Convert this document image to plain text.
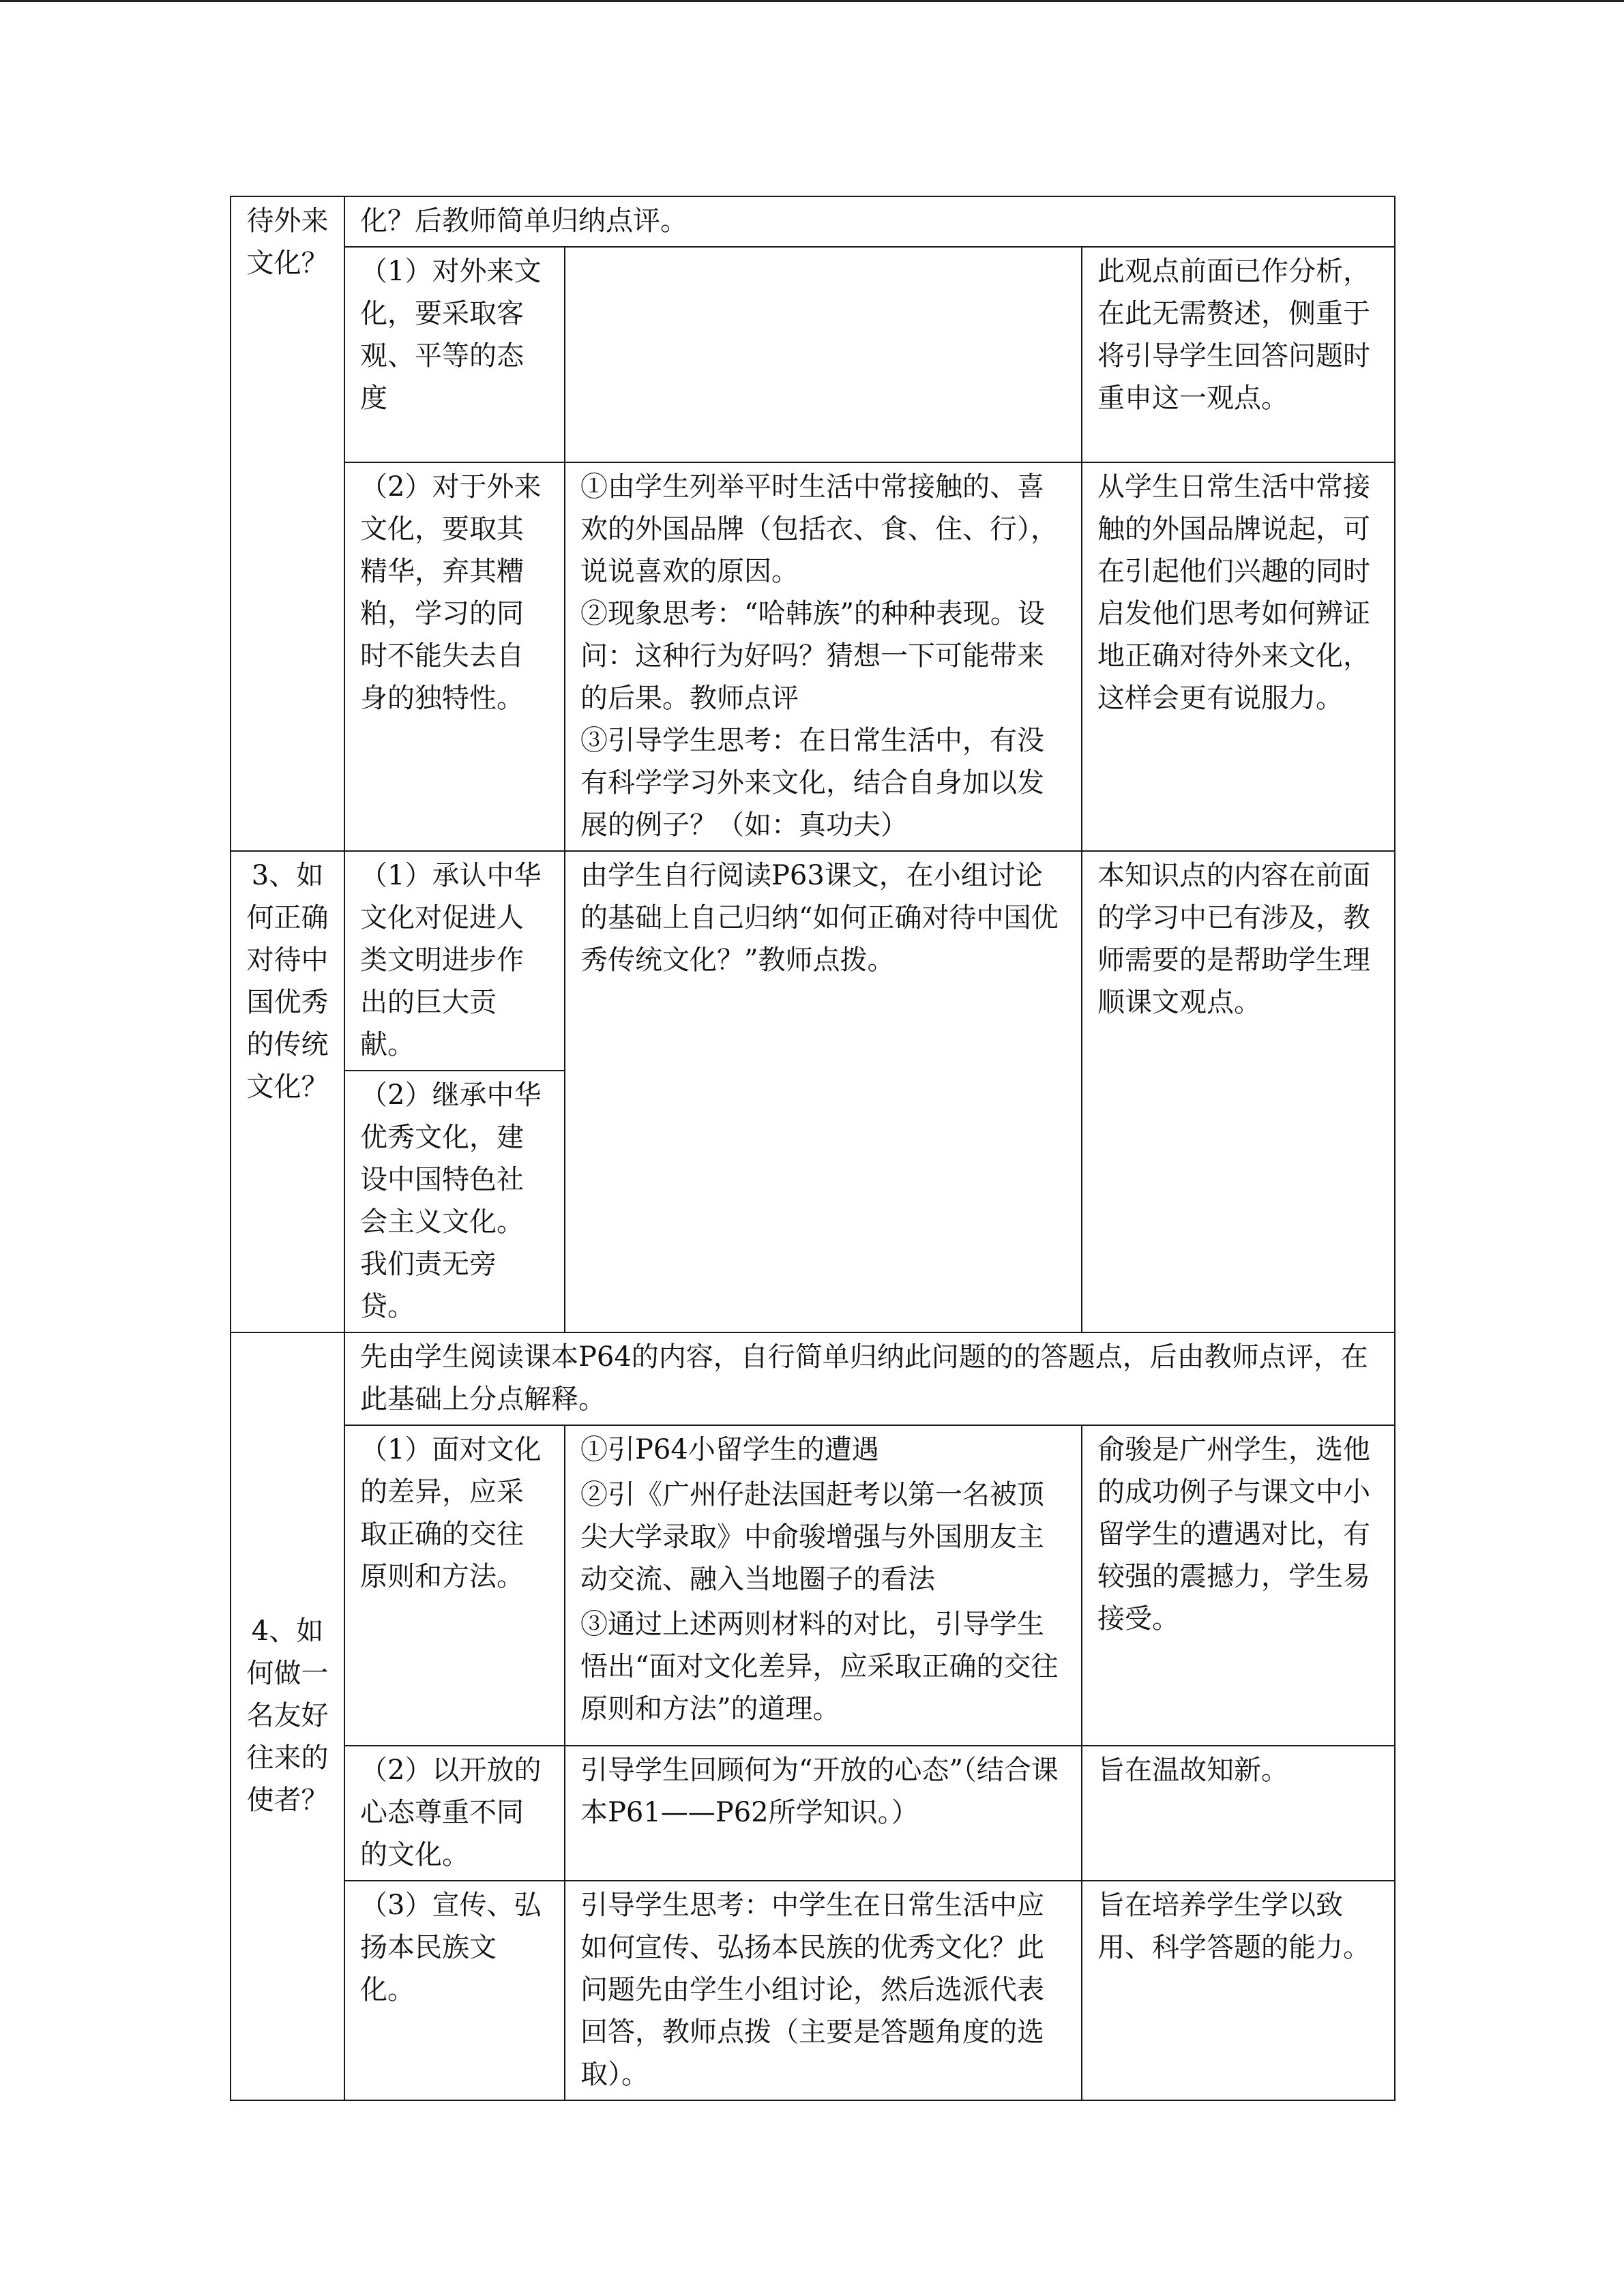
待外来文化？	化？后教师简单归纳点评。		
	（1）对外来文化，要采取客观、平等的态度		此观点前面已作分析，在此无需赘述，侧重于将引导学生回答问题时重申这一观点。
	（2）对于外来文化，要取其精华，弃其糟粕，学习的同时不能失去自身的独特性。	①由学生列举平时生活中常接触的、喜欢的外国品牌（包括衣、食、住、行），说说喜欢的原因。
②现象思考：“哈韩族”的种种表现。设问：这种行为好吗？猜想一下可能带来的后果。教师点评
③引导学生思考：在日常生活中，有没有科学学习外来文化，结合自身加以发展的例子？（如：真功夫）	从学生日常生活中常接触的外国品牌说起，可在引起他们兴趣的同时启发他们思考如何辨证地正确对待外来文化，这样会更有说服力。
3、如何正确对待中国优秀的传统文化？	（1）承认中华文化对促进人类文明进步作出的巨大贡献。	由学生自行阅读P63课文，在小组讨论的基础上自己归纳“如何正确对待中国优秀传统文化？”教师点拨。	本知识点的内容在前面的学习中已有涉及，教师需要的是帮助学生理顺课文观点。
	（2）继承中华优秀文化，建设中国特色社会主义文化。我们责无旁贷。		
4、如何做一名友好往来的使者？	先由学生阅读课本P64的内容，自行简单归纳此问题的的答题点，后由教师点评，在此基础上分点解释。		
	（1）面对文化的差异，应采取正确的交往原则和方法。	①引P64小留学生的遭遇
②引《广州仔赴法国赶考以第一名被顶尖大学录取》中俞骏增强与外国朋友主动交流、融入当地圈子的看法
③通过上述两则材料的对比，引导学生悟出“面对文化差异，应采取正确的交往原则和方法”的道理。	俞骏是广州学生，选他的成功例子与课文中小留学生的遭遇对比，有较强的震撼力，学生易接受。
	（2）以开放的心态尊重不同的文化。	引导学生回顾何为“开放的心态”（结合课本P61——P62所学知识。）	旨在温故知新。
	（3）宣传、弘扬本民族文化。	引导学生思考：中学生在日常生活中应如何宣传、弘扬本民族的优秀文化？此问题先由学生小组讨论，然后选派代表回答，教师点拨（主要是答题角度的选取）。	旨在培养学生学以致用、科学答题的能力。
